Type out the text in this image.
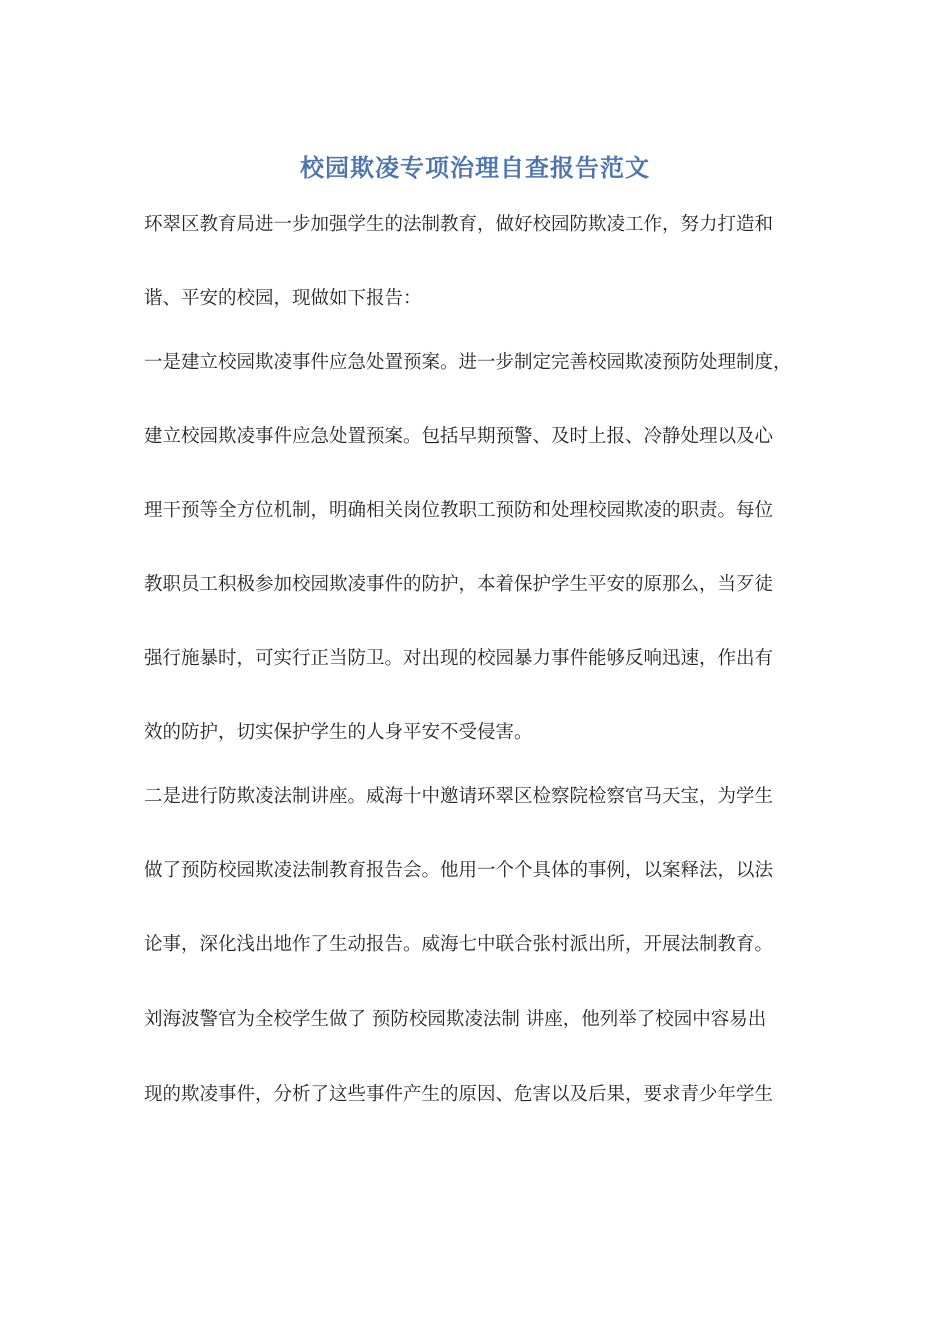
校园欺凌专项治理自查报告范文
环翠区教育局进一步加强学生的法制教育，做好校园防欺凌工作，努力打造和
谐、平安的校园，现做如下报告：
一是建立校园欺凌事件应急处置预案。进一步制定完善校园欺凌预防处理制度，
建立校园欺凌事件应急处置预案。包括早期预警、及时上报、冷静处理以及心
理干预等全方位机制，明确相关岗位教职工预防和处理校园欺凌的职责。每位
教职员工积极参加校园欺凌事件的防护，本着保护学生平安的原那么，当歹徒
强行施暴时，可实行正当防卫。对出现的校园暴力事件能够反响迅速，作出有
效的防护，切实保护学生的人身平安不受侵害。
二是进行防欺凌法制讲座。威海十中邀请环翠区检察院检察官马天宝，为学生
做了预防校园欺凌法制教育报告会。他用一个个具体的事例，以案释法，以法
论事，深化浅出地作了生动报告。威海七中联合张村派出所，开展法制教育。
刘海波警官为全校学生做了 预防校园欺凌法制 讲座，他列举了校园中容易出
现的欺凌事件，分析了这些事件产生的原因、危害以及后果，要求青少年学生
